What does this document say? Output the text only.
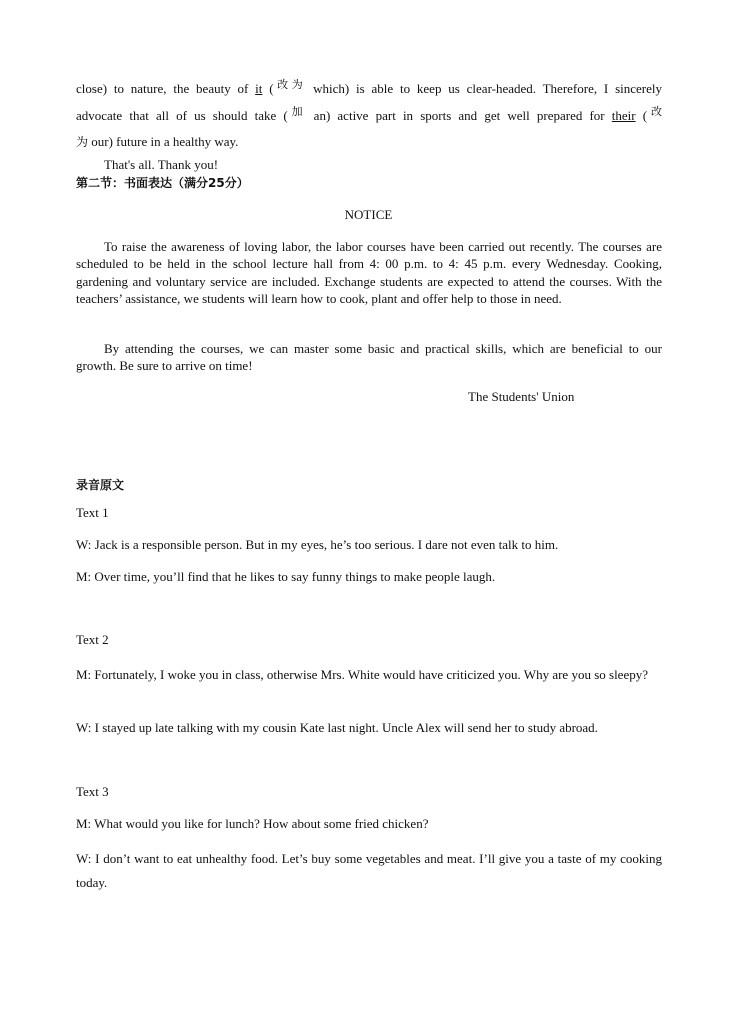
close) to nature, the beauty of it ($^{改为}$ which) is able to keep us clear-headed. Therefore, I sincerely
advocate that all of us should take ($^加$ an) active part in sports and get well prepared for their ($^改$
为 our) future in a healthy way.
That's all. Thank you!
第二节：书面表达（满分25分）
NOTICE
To raise the awareness of loving labor, the labor courses have been carried out recently. The courses are scheduled to be held in the school lecture hall from 4: 00 p.m. to 4: 45 p.m. every Wednesday. Cooking, gardening and voluntary service are included. Exchange students are expected to attend the courses. With the teachers’ assistance, we students will learn how to cook, plant and offer help to those in need.
By attending the courses, we can master some basic and practical skills, which are beneficial to our growth. Be sure to arrive on time!
The Students' Union
录音原文
Text 1
W: Jack is a responsible person. But in my eyes, he’s too serious. I dare not even talk to him.
M: Over time, you’ll find that he likes to say funny things to make people laugh.
Text 2
M: Fortunately, I woke you in class, otherwise Mrs. White would have criticized you. Why are you so sleepy?
W: I stayed up late talking with my cousin Kate last night. Uncle Alex will send her to study abroad.
Text 3
M: What would you like for lunch? How about some fried chicken?
W: I don’t want to eat unhealthy food. Let’s buy some vegetables and meat. I’ll give you a taste of my cooking today.
